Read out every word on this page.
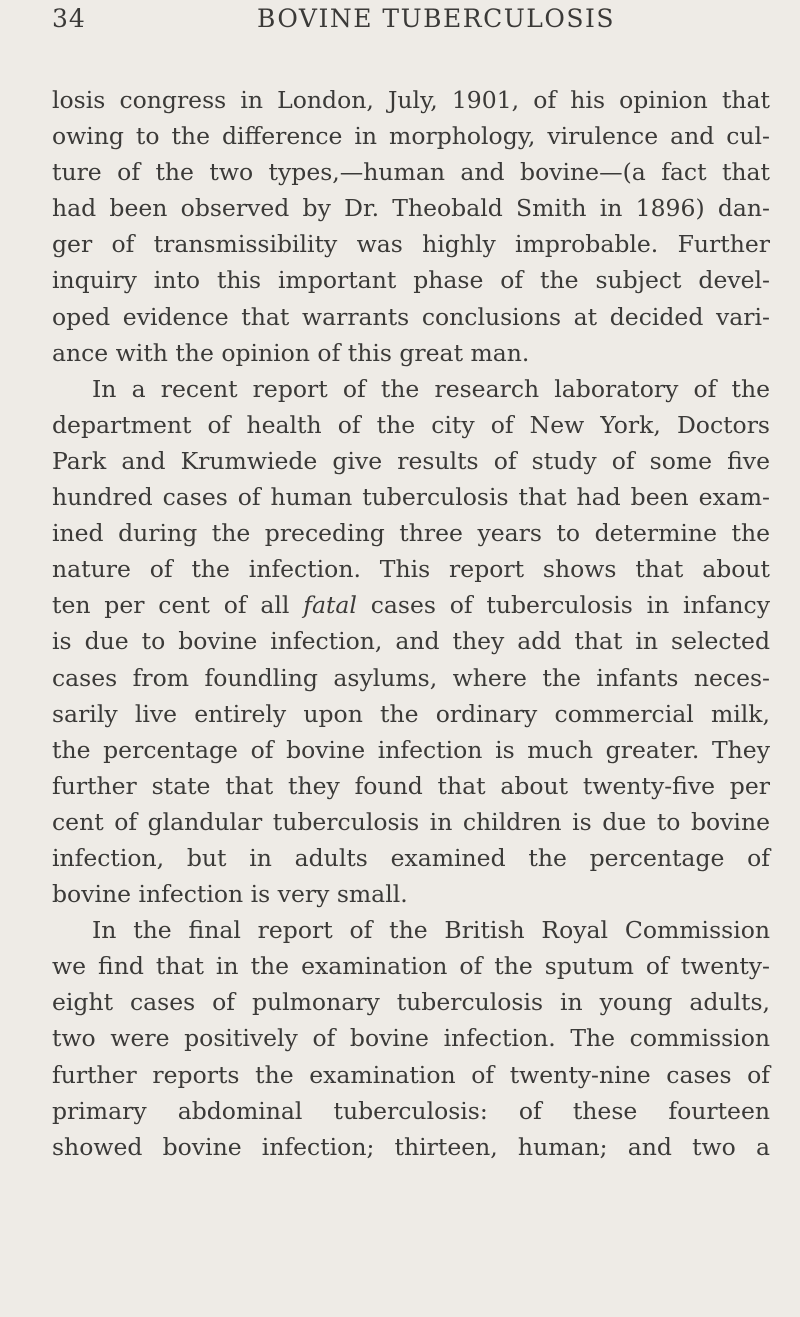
34	BOVINE TUBERCULOSIS
losis congress in London, July, 1901, of his opinion that
owing to the difference in morphology, virulence and cul-
ture of the two types,—human and bovine—(a fact that
had been observed by Dr. Theobald Smith in 1896) dan-
ger of transmissibility was highly improbable. Further
inquiry into this important phase of the subject devel-
oped evidence that warrants conclusions at decided vari-
ance with the opinion of this great man.
In a recent report of the research laboratory of the
department of health of the city of New York, Doctors
Park and Krumwiede give results of study of some five
hundred cases of human tuberculosis that had been exam-
ined during the preceding three years to determine the
nature of the infection. This report shows that about
ten per cent of all fatal cases of tuberculosis in infancy
is due to bovine infection, and they add that in selected
cases from foundling asylums, where the infants neces-
sarily live entirely upon the ordinary commercial milk,
the percentage of bovine infection is much greater. They
further state that they found that about twenty-five per
cent of glandular tuberculosis in children is due to bovine
infection, but in adults examined the percentage of
bovine infection is very small.
In the final report of the British Royal Commission
we find that in the examination of the sputum of twenty-
eight cases of pulmonary tuberculosis in young adults,
two were positively of bovine infection. The commission
further reports the examination of twenty-nine cases of
primary abdominal tuberculosis: of these fourteen
showed bovine infection; thirteen, human; and two a
